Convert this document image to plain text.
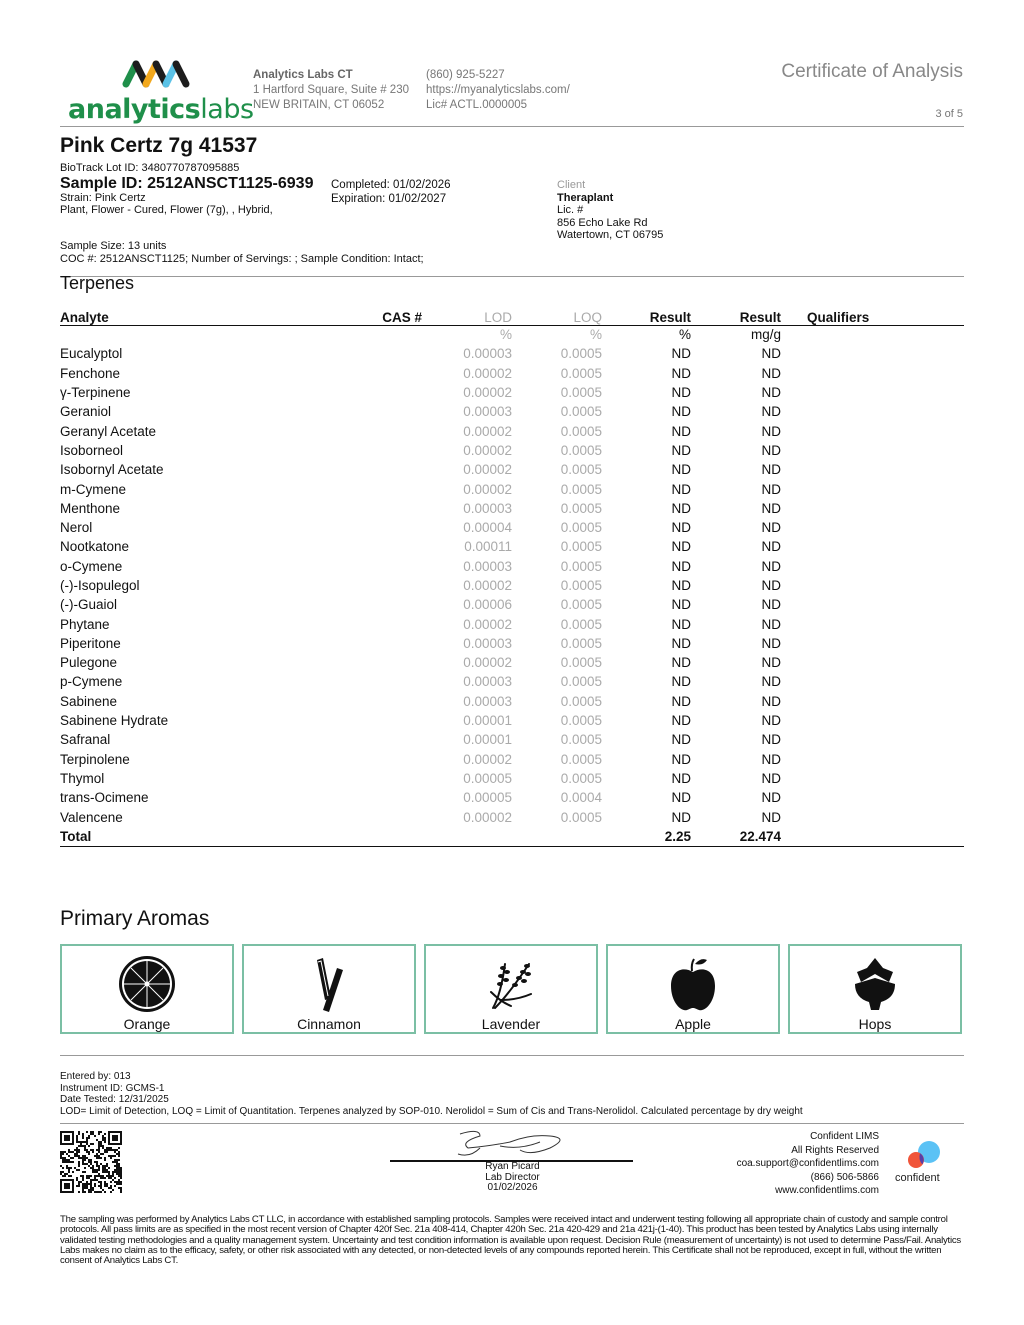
analyticslabs
Analytics Labs CT
1 Hartford Square, Suite # 230
NEW BRITAIN, CT 06052
(860) 925-5227
https://myanalyticslabs.com/
Lic# ACTL.0000005
Certificate of Analysis
3 of 5
Pink Certz 7g 41537
BioTrack Lot ID: 3480770787095885
Sample ID: 2512ANSCT1125-6939
Strain: Pink Certz
Plant, Flower - Cured, Flower (7g), , Hybrid,
Completed: 01/02/2026
Expiration: 01/02/2027
Sample Size: 13 units
COC #: 2512ANSCT1125; Number of Servings: ; Sample Condition: Intact;
Client
Theraplant
Lic. #
856 Echo Lake Rd
Watertown, CT 06795
Terpenes
Analyte	CAS #	LOD	LOQ	Result	Result	Qualifiers
		%	%	%	mg/g	
Eucalyptol		0.00003	0.0005	ND	ND	
Fenchone		0.00002	0.0005	ND	ND	
γ-Terpinene		0.00002	0.0005	ND	ND	
Geraniol		0.00003	0.0005	ND	ND	
Geranyl Acetate		0.00002	0.0005	ND	ND	
Isoborneol		0.00002	0.0005	ND	ND	
Isobornyl Acetate		0.00002	0.0005	ND	ND	
m-Cymene		0.00002	0.0005	ND	ND	
Menthone		0.00003	0.0005	ND	ND	
Nerol		0.00004	0.0005	ND	ND	
Nootkatone		0.00011	0.0005	ND	ND	
o-Cymene		0.00003	0.0005	ND	ND	
(-)-Isopulegol		0.00002	0.0005	ND	ND	
(-)-Guaiol		0.00006	0.0005	ND	ND	
Phytane		0.00002	0.0005	ND	ND	
Piperitone		0.00003	0.0005	ND	ND	
Pulegone		0.00002	0.0005	ND	ND	
p-Cymene		0.00003	0.0005	ND	ND	
Sabinene		0.00003	0.0005	ND	ND	
Sabinene Hydrate		0.00001	0.0005	ND	ND	
Safranal		0.00001	0.0005	ND	ND	
Terpinolene		0.00002	0.0005	ND	ND	
Thymol		0.00005	0.0005	ND	ND	
trans-Ocimene		0.00005	0.0004	ND	ND	
Valencene		0.00002	0.0005	ND	ND	
Total				2.25	22.474	
Primary Aromas
Orange	Cinnamon	Lavender	Apple	Hops
Entered by: 013
Instrument ID: GCMS-1
Date Tested: 12/31/2025
LOD= Limit of Detection, LOQ = Limit of Quantitation. Terpenes analyzed by SOP-010. Nerolidol = Sum of Cis and Trans-Nerolidol. Calculated percentage by dry weight
Ryan Picard
Lab Director
01/02/2026
Confident LIMS
All Rights Reserved
coa.support@confidentlims.com
(866) 506-5866
www.confidentlims.com
confident
The sampling was performed by Analytics Labs CT LLC, in accordance with established sampling protocols. Samples were received intact and underwent testing following all appropriate chain of custody and sample control protocols. All pass limits are as specified in the most recent version of Chapter 420f Sec. 21a 408-414, Chapter 420h Sec. 21a 420-429 and 21a 421j-(1-40). This product has been tested by Analytics Labs using internally validated testing methodologies and a quality management system. Uncertainty and test condition information is available upon request. Decision Rule (measurement of uncertainty) is not used to determine Pass/Fail. Analytics Labs makes no claim as to the efficacy, safety, or other risk associated with any detected, or non-detected levels of any compounds reported herein. This Certificate shall not be reproduced, except in full, without the written consent of Analytics Labs CT.
